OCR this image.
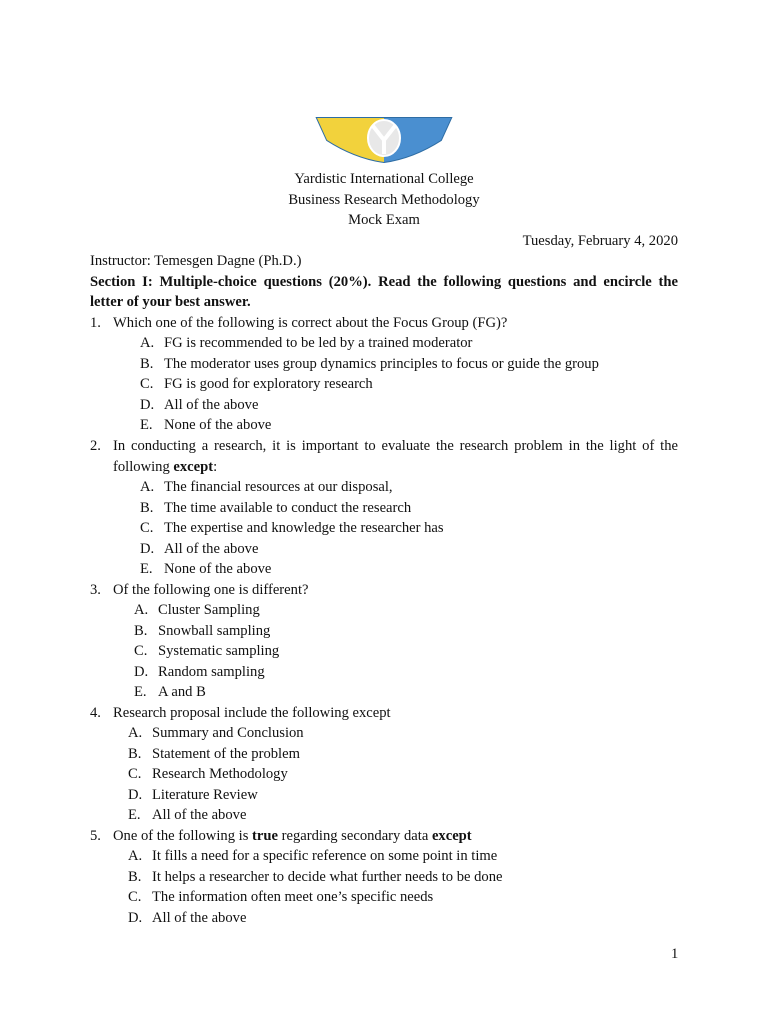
Yardistic International College
Business Research Methodology
Mock Exam
Tuesday, February 4, 2020
Instructor: Temesgen Dagne (Ph.D.)
Section I: Multiple-choice questions (20%). Read the following questions and encircle the
letter of your best answer.
1. Which one of the following is correct about the Focus Group (FG)?
A. FG is recommended to be led by a trained moderator
B. The moderator uses group dynamics principles to focus or guide the group
C. FG is good for exploratory research
D. All of the above
E. None of the above
2. In conducting a research, it is important to evaluate the research problem in the light of the
following except:
A. The financial resources at our disposal,
B. The time available to conduct the research
C. The expertise and knowledge the researcher has
D. All of the above
E. None of the above
3. Of the following one is different?
A. Cluster Sampling
B. Snowball sampling
C. Systematic sampling
D. Random sampling
E. A and B
4. Research proposal include the following except
A. Summary and Conclusion
B. Statement of the problem
C. Research Methodology
D. Literature Review
E. All of the above
5. One of the following is true regarding secondary data except
A. It fills a need for a specific reference on some point in time
B. It helps a researcher to decide what further needs to be done
C. The information often meet one’s specific needs
D. All of the above
1
